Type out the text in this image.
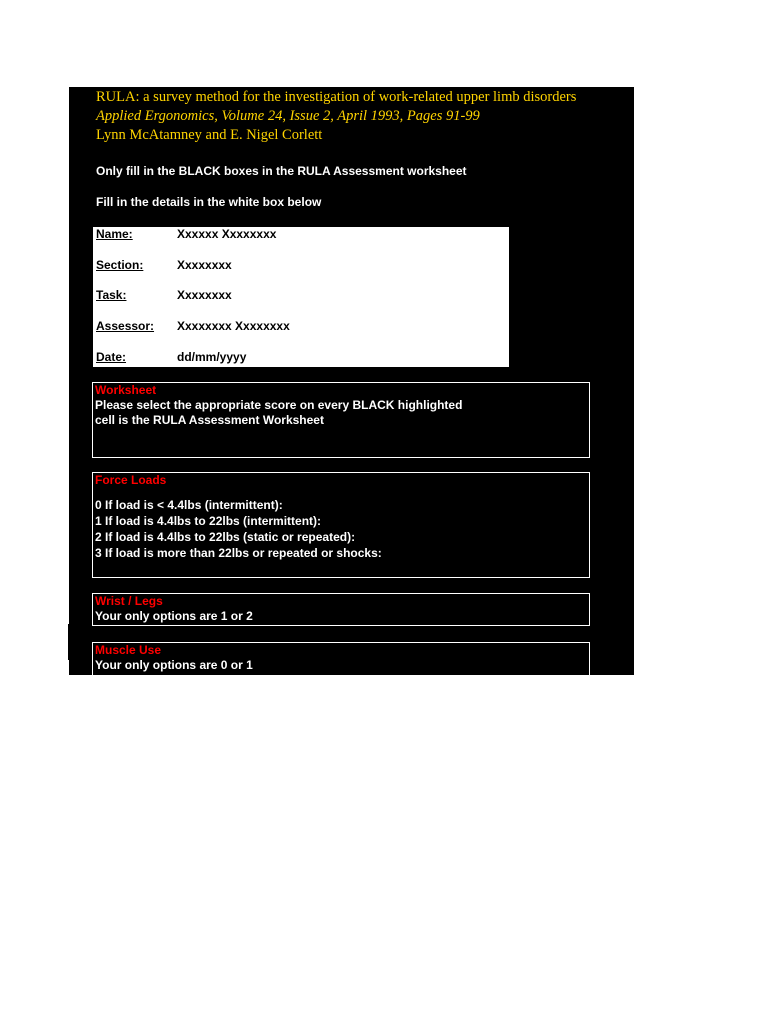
RULA: a survey method for the investigation of work-related upper limb disorders
Applied Ergonomics, Volume 24, Issue 2, April 1993, Pages 91-99
Lynn McAtamney and E. Nigel Corlett
Only fill in the BLACK boxes in the RULA Assessment worksheet
Fill in the details in the white box below
Name:	Xxxxxx Xxxxxxxx
Section:	Xxxxxxxx
Task:	Xxxxxxxx
Assessor: Xxxxxxxx Xxxxxxxx
Date:	dd/mm/yyyy
Worksheet
Please select the appropriate score on every BLACK highlighted
cell is the RULA Assessment Worksheet
Force Loads
0 If load is < 4.4lbs (intermittent):
1 If load is 4.4lbs to 22lbs (intermittent):
2 If load is 4.4lbs to 22lbs (static or repeated):
3 If load is more than 22lbs or repeated or shocks:
Wrist / Legs
Your only options are 1 or 2
Muscle Use
Your only options are 0 or 1
